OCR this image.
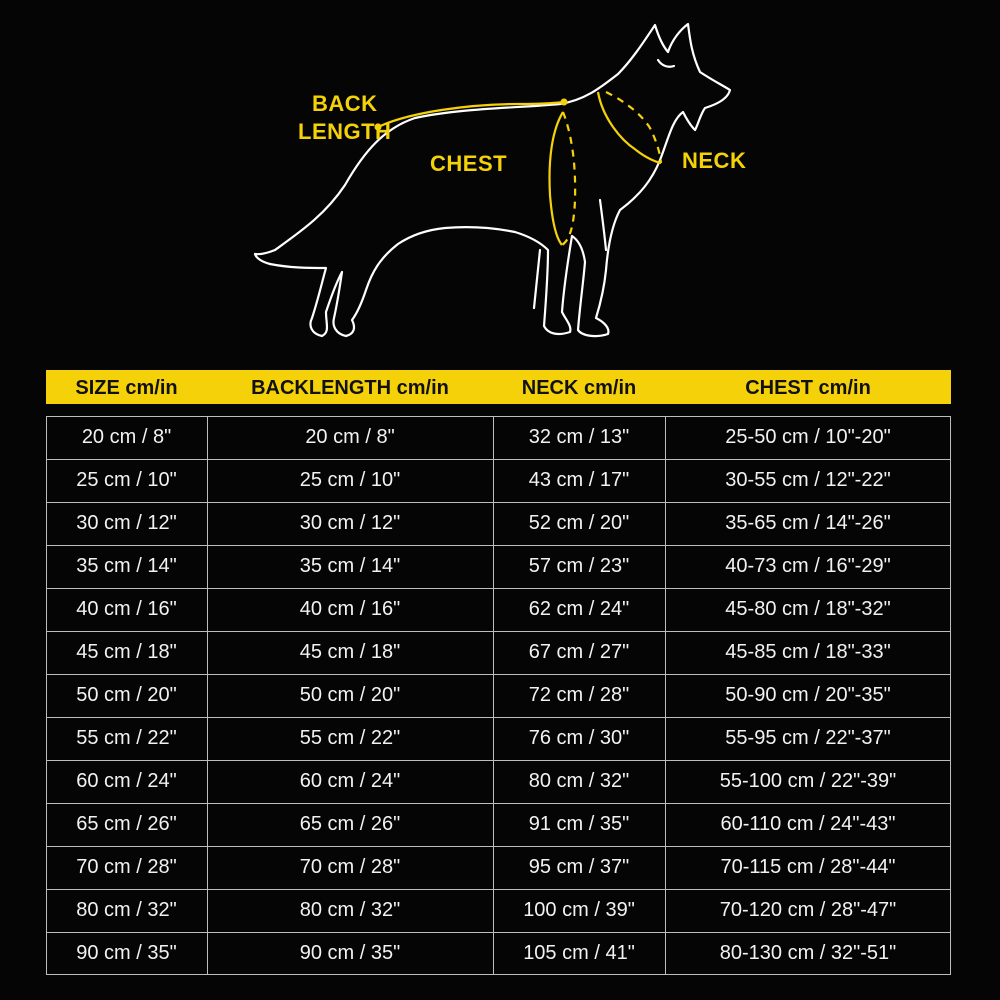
BACK
LENGTH
CHEST	NECK
SIZE cm/in	BACKLENGTH cm/in	NECK cm/in	CHEST cm/in
20 cm / 8"	20 cm / 8"	32 cm / 13"	25-50 cm / 10"-20"
25 cm / 10"	25 cm / 10"	43 cm / 17"	30-55 cm / 12"-22"
30 cm / 12"	30 cm / 12"	52 cm / 20"	35-65 cm / 14"-26"
35 cm / 14"	35 cm / 14"	57 cm / 23"	40-73 cm / 16"-29"
40 cm / 16"	40 cm / 16"	62 cm / 24"	45-80 cm / 18"-32"
45 cm / 18"	45 cm / 18"	67 cm / 27"	45-85 cm / 18"-33"
50 cm / 20"	50 cm / 20"	72 cm / 28"	50-90 cm / 20"-35"
55 cm / 22"	55 cm / 22"	76 cm / 30"	55-95 cm / 22"-37"
60 cm / 24"	60 cm / 24"	80 cm / 32"	55-100 cm / 22"-39"
65 cm / 26"	65 cm / 26"	91 cm / 35"	60-110 cm / 24"-43"
70 cm / 28"	70 cm / 28"	95 cm / 37"	70-115 cm / 28"-44"
80 cm / 32"	80 cm / 32"	100 cm / 39"	70-120 cm / 28"-47"
90 cm / 35"	90 cm / 35"	105 cm / 41"	80-130 cm / 32"-51"
